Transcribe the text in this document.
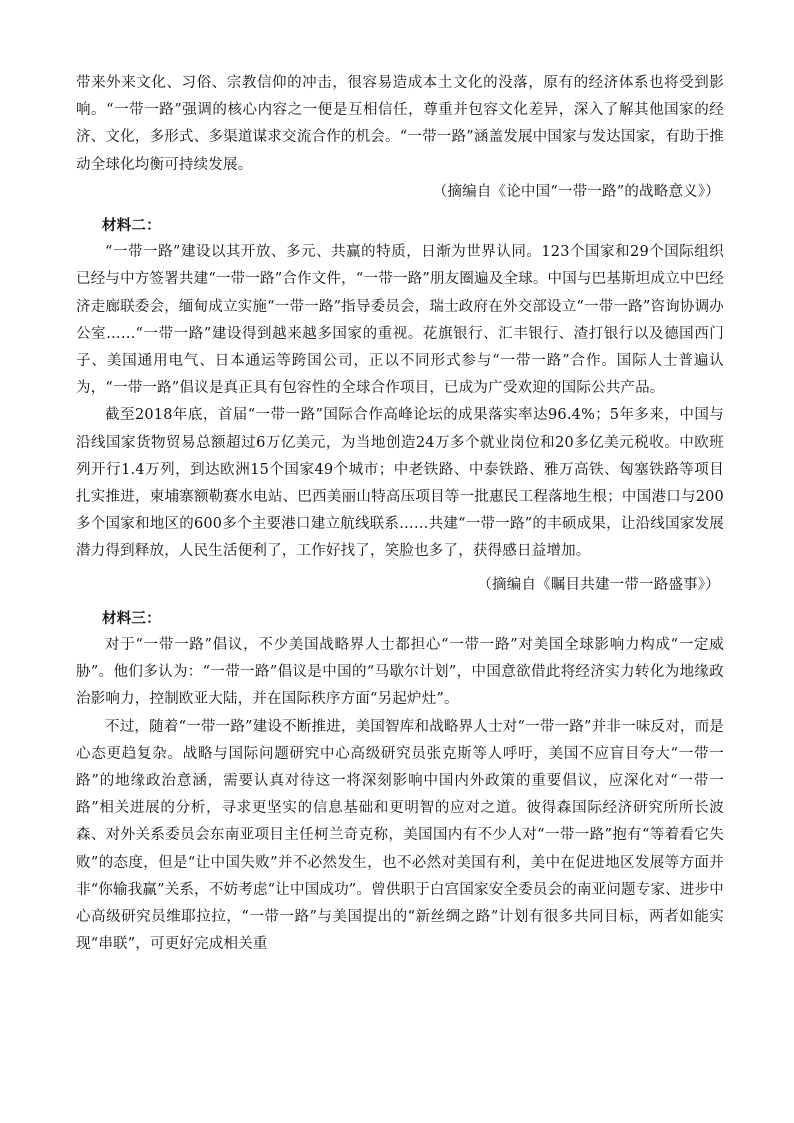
带来外来文化、习俗、宗教信仰的冲击，很容易造成本土文化的没落，原有的经济体系也将受到影响。“一带一路”强调的核心内容之一便是互相信任，尊重并包容文化差异，深入了解其他国家的经济、文化，多形式、多渠道谋求交流合作的机会。“一带一路”涵盖发展中国家与发达国家，有助于推动全球化均衡可持续发展。

（摘编自《论中国“一带一路”的战略意义》）

材料二：

“一带一路”建设以其开放、多元、共赢的特质，日渐为世界认同。123个国家和29个国际组织已经与中方签署共建“一带一路”合作文件，“一带一路”朋友圈遍及全球。中国与巴基斯坦成立中巴经济走廊联委会，缅甸成立实施“一带一路”指导委员会，瑞士政府在外交部设立“一带一路”咨询协调办公室……“一带一路”建设得到越来越多国家的重视。花旗银行、汇丰银行、渣打银行以及德国西门子、美国通用电气、日本通运等跨国公司，正以不同形式参与“一带一路”合作。国际人士普遍认为，“一带一路”倡议是真正具有包容性的全球合作项目，已成为广受欢迎的国际公共产品。

截至2018年底，首届“一带一路”国际合作高峰论坛的成果落实率达96.4%；5年多来，中国与沿线国家货物贸易总额超过6万亿美元，为当地创造24万多个就业岗位和20多亿美元税收。中欧班列开行1.4万列，到达欧洲15个国家49个城市；中老铁路、中泰铁路、雅万高铁、匈塞铁路等项目扎实推进，柬埔寨额勒赛水电站、巴西美丽山特高压项目等一批惠民工程落地生根；中国港口与200多个国家和地区的600多个主要港口建立航线联系……共建“一带一路”的丰硕成果，让沿线国家发展潜力得到释放，人民生活便利了，工作好找了，笑脸也多了，获得感日益增加。

（摘编自《瞩目共建一带一路盛事》）

材料三：

对于“一带一路”倡议，不少美国战略界人士都担心“一带一路”对美国全球影响力构成“一定威胁”。他们多认为：“一带一路”倡议是中国的“马歇尔计划”，中国意欲借此将经济实力转化为地缘政治影响力，控制欧亚大陆，并在国际秩序方面“另起炉灶”。

不过，随着“一带一路”建设不断推进，美国智库和战略界人士对“一带一路”并非一味反对，而是心态更趋复杂。战略与国际问题研究中心高级研究员张克斯等人呼吁，美国不应盲目夸大“一带一路”的地缘政治意涵，需要认真对待这一将深刻影响中国内外政策的重要倡议，应深化对“一带一路”相关进展的分析，寻求更坚实的信息基础和更明智的应对之道。彼得森国际经济研究所所长波森、对外关系委员会东南亚项目主任柯兰奇克称，美国国内有不少人对“一带一路”抱有“等着看它失败”的态度，但是“让中国失败”并不必然发生，也不必然对美国有利，美中在促进地区发展等方面并非“你输我赢”关系，不妨考虑“让中国成功”。曾供职于白宫国家安全委员会的南亚问题专家、进步中心高级研究员维耶拉拉，“一带一路”与美国提出的“新丝绸之路”计划有很多共同目标，两者如能实现“串联”，可更好完成相关重
